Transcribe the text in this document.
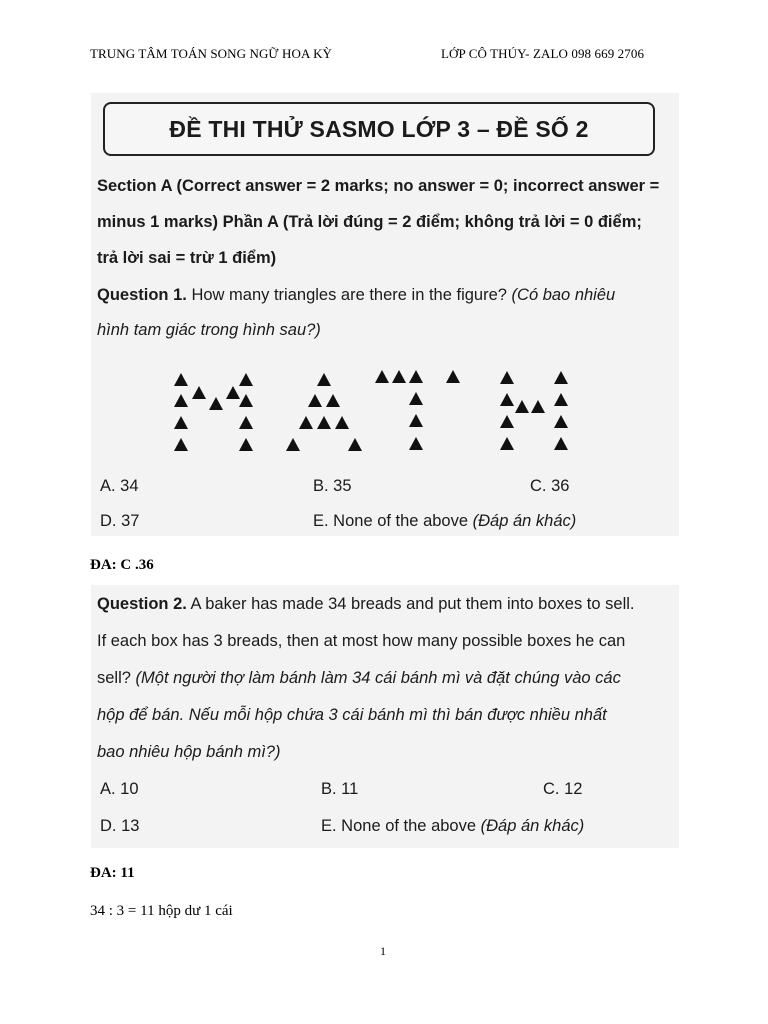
TRUNG TÂM TOÁN SONG NGỮ HOA KỲ	LỚP CÔ THÚY- ZALO 098 669 2706
ĐỀ THI THỬ SASMO LỚP 3 – ĐỀ SỐ 2
Section A (Correct answer = 2 marks; no answer = 0; incorrect answer =
minus 1 marks) Phần A (Trả lời đúng = 2 điểm; không trả lời = 0 điểm;
trả lời sai = trừ 1 điểm)
Question 1. How many triangles are there in the figure? (Có bao nhiêu
hình tam giác trong hình sau?)
A. 34	B. 35	C. 36
D. 37	E. None of the above (Đáp án khác)
ĐA: C .36
Question 2. A baker has made 34 breads and put them into boxes to sell.
If each box has 3 breads, then at most how many possible boxes he can
sell? (Một người thợ làm bánh làm 34 cái bánh mì và đặt chúng vào các
hộp để bán. Nếu mỗi hộp chứa 3 cái bánh mì thì bán được nhiều nhất
bao nhiêu hộp bánh mì?)
A. 10	B. 11	C. 12
D. 13	E. None of the above (Đáp án khác)
ĐA: 11
34 : 3 = 11 hộp dư 1 cái
1
